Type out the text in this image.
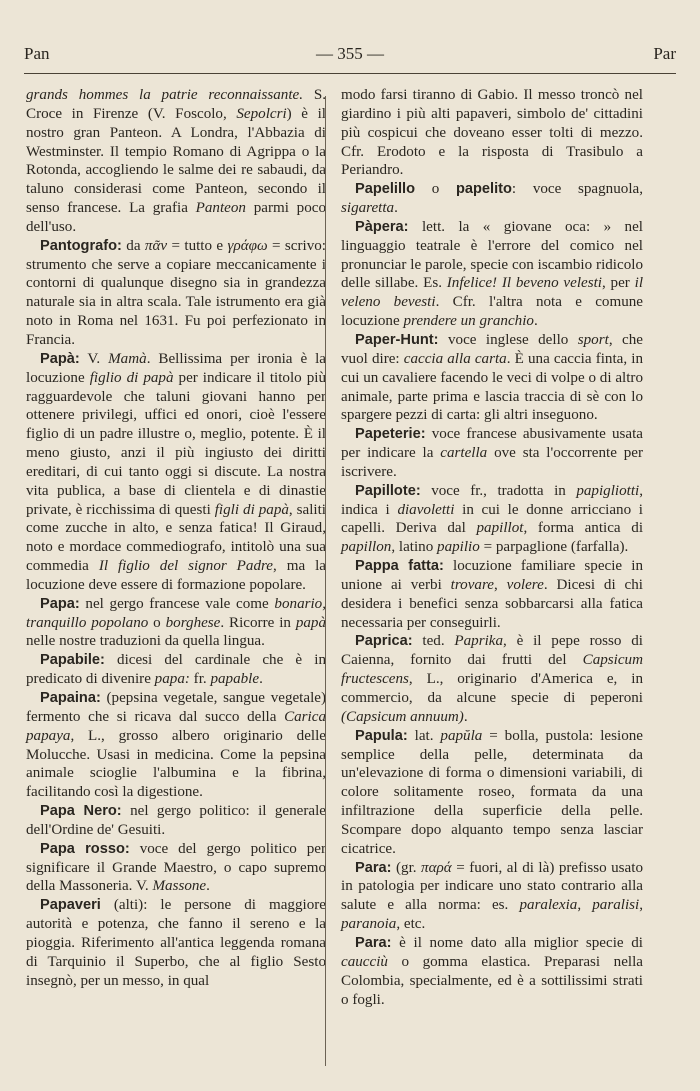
Pan	— 355 —	Par

grands hommes la patrie reconnaissante. S. Croce in Firenze (V. Foscolo, Sepolcri) è il nostro gran Panteon. A Londra, l'Abbazia di Westminster. Il tempio Romano di Agrippa o la Rotonda, accogliendo le salme dei re sabaudi, da taluno considerasi come Panteon, secondo il senso francese. La grafia Panteon parmi poco dell'uso.

Pantografo: da πᾶν = tutto e γράφω = scrivo: strumento che serve a copiare meccanicamente i contorni di qualunque disegno sia in grandezza naturale sia in altra scala. Tale istrumento era già noto in Roma nel 1631. Fu poi perfezionato in Francia.

Papà: V. Mamà. Bellissima per ironia è la locuzione figlio di papà per indicare il titolo più ragguardevole che taluni giovani hanno per ottenere privilegi, uffici ed onori, cioè l'essere figlio di un padre illustre o, meglio, potente. È il meno giusto, anzi il più ingiusto dei diritti ereditari, di cui tanto oggi si discute. La nostra vita publica, a base di clientela e di dinastie private, è ricchissima di questi figli di papà, saliti come zucche in alto, e senza fatica! Il Giraud, noto e mordace commediografo, intitolò una sua commedia Il figlio del signor Padre, ma la locuzione deve essere di formazione popolare.

Papa: nel gergo francese vale come bonario, tranquillo popolano o borghese. Ricorre in papà nelle nostre traduzioni da quella lingua.

Papabile: dicesi del cardinale che è in predicato di divenire papa: fr. papable.

Papaina: (pepsina vegetale, sangue vegetale) fermento che si ricava dal succo della Carica papaya, L., grosso albero originario delle Molucche. Usasi in medicina. Come la pepsina animale scioglie l'albumina e la fibrina, facilitando così la digestione.

Papa Nero: nel gergo politico: il generale dell'Ordine de' Gesuiti.

Papa rosso: voce del gergo politico per significare il Grande Maestro, o capo supremo della Massoneria. V. Massone.

Papaveri (alti): le persone di maggiore autorità e potenza, che fanno il sereno e la pioggia. Riferimento all'antica leggenda romana di Tarquinio il Superbo, che al figlio Sesto insegnò, per un messo, in qual

modo farsi tiranno di Gabio. Il messo troncò nel giardino i più alti papaveri, simbolo de' cittadini più cospicui che doveano esser tolti di mezzo. Cfr. Erodoto e la risposta di Trasibulo a Periandro.

Papelillo o papelito: voce spagnuola, sigaretta.

Pàpera: lett. la « giovane oca: » nel linguaggio teatrale è l'errore del comico nel pronunciar le parole, specie con iscambio ridicolo delle sillabe. Es. Infelice! Il beveno velesti, per il veleno bevesti. Cfr. l'altra nota e comune locuzione prendere un granchio.

Paper-Hunt: voce inglese dello sport, che vuol dire: caccia alla carta. È una caccia finta, in cui un cavaliere facendo le veci di volpe o di altro animale, parte prima e lascia traccia di sè con lo spargere pezzi di carta: gli altri inseguono.

Papeterie: voce francese abusivamente usata per indicare la cartella ove sta l'occorrente per iscrivere.

Papillote: voce fr., tradotta in papigliotti, indica i diavoletti in cui le donne arricciano i capelli. Deriva dal papillot, forma antica di papillon, latino papilio = parpaglione (farfalla).

Pappa fatta: locuzione familiare specie in unione ai verbi trovare, volere. Dicesi di chi desidera i benefici senza sobbarcarsi alla fatica necessaria per conseguirli.

Paprica: ted. Paprika, è il pepe rosso di Caienna, fornito dai frutti del Capsicum fructescens, L., originario d'America e, in commercio, da alcune specie di peperoni (Capsicum annuum).

Papula: lat. papŭla = bolla, pustola: lesione semplice della pelle, determinata da un'elevazione di forma o dimensioni variabili, di colore solitamente roseo, formata da una infiltrazione della superficie della pelle. Scompare dopo alquanto tempo senza lasciar cicatrice.

Para: (gr. παρά = fuori, al di là) prefisso usato in patologia per indicare uno stato contrario alla salute e alla norma: es. paralexia, paralisi, paranoia, etc.

Para: è il nome dato alla miglior specie di caucciù o gomma elastica. Preparasi nella Colombia, specialmente, ed è a sottilissimi strati o fogli.
